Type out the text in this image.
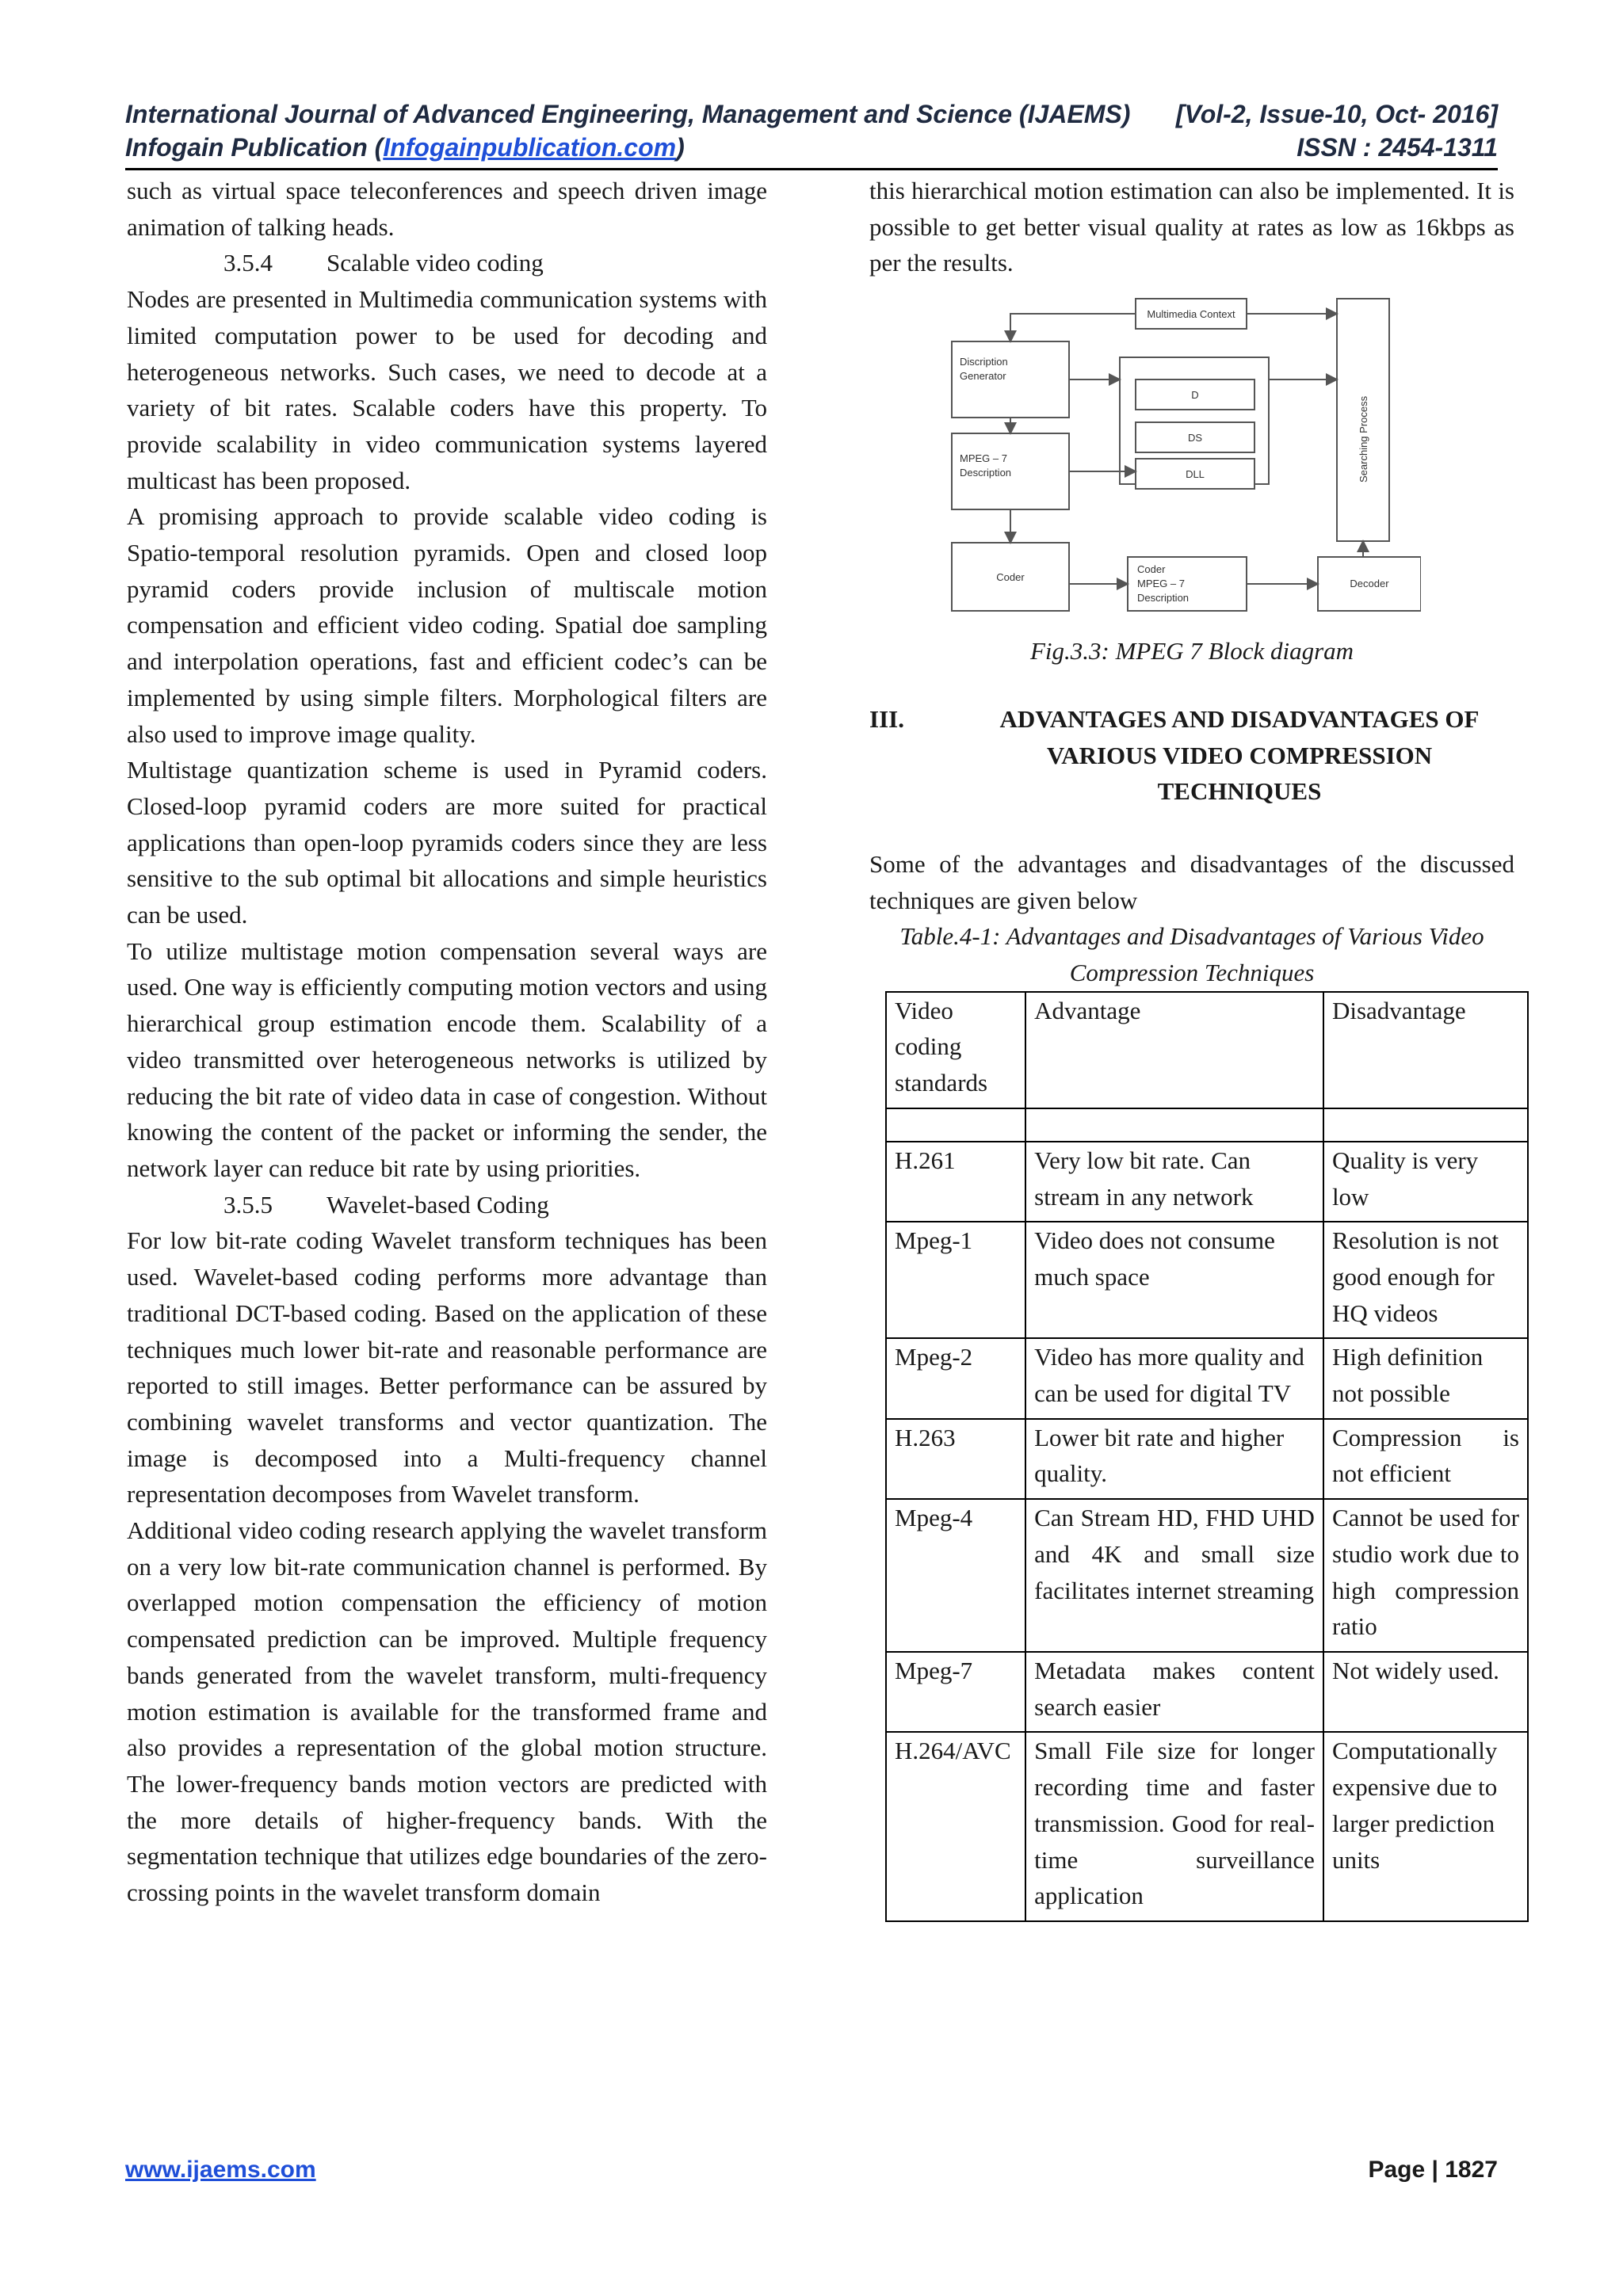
International Journal of Advanced Engineering, Management and Science (IJAEMS) [Vol-2, Issue-10, Oct- 2016]
Infogain Publication (Infogainpublication.com)	ISSN : 2454-1311

such as virtual space teleconferences and speech driven image animation of talking heads.

3.5.4 Scalable video coding

Nodes are presented in Multimedia communication systems with limited computation power to be used for decoding and heterogeneous networks. Such cases, we need to decode at a variety of bit rates. Scalable coders have this property. To provide scalability in video communication systems layered multicast has been proposed.

A promising approach to provide scalable video coding is Spatio-temporal resolution pyramids. Open and closed loop pyramid coders provide inclusion of multiscale motion compensation and efficient video coding. Spatial doe sampling and interpolation operations, fast and efficient codec’s can be implemented by using simple filters. Morphological filters are also used to improve image quality.

Multistage quantization scheme is used in Pyramid coders. Closed-loop pyramid coders are more suited for practical applications than open-loop pyramids coders since they are less sensitive to the sub optimal bit allocations and simple heuristics can be used.

To utilize multistage motion compensation several ways are used. One way is efficiently computing motion vectors and using hierarchical group estimation encode them. Scalability of a video transmitted over heterogeneous networks is utilized by reducing the bit rate of video data in case of congestion. Without knowing the content of the packet or informing the sender, the network layer can reduce bit rate by using priorities.

3.5.5 Wavelet-based Coding

For low bit-rate coding Wavelet transform techniques has been used. Wavelet-based coding performs more advantage than traditional DCT-based coding. Based on the application of these techniques much lower bit-rate and reasonable performance are reported to still images. Better performance can be assured by combining wavelet transforms and vector quantization. The image is decomposed into a Multi-frequency channel representation decomposes from Wavelet transform.

Additional video coding research applying the wavelet transform on a very low bit-rate communication channel is performed. By overlapped motion compensation the efficiency of motion compensated prediction can be improved. Multiple frequency bands generated from the wavelet transform, multi-frequency motion estimation is available for the transformed frame and also provides a representation of the global motion structure. The lower-frequency bands motion vectors are predicted with the more details of higher-frequency bands. With the segmentation technique that utilizes edge boundaries of the zero-crossing points in the wavelet transform domain

this hierarchical motion estimation can also be implemented. It is possible to get better visual quality at rates as low as 16kbps as per the results.

Multimedia Context
Discription
Generator
D
DS
DLL
MPEG – 7
Description	Searching Process
Coder
Coder
MPEG – 7
Description
Decoder

Fig.3.3: MPEG 7 Block diagram

III.	ADVANTAGES AND DISADVANTAGES OF VARIOUS VIDEO COMPRESSION TECHNIQUES

Some of the advantages and disadvantages of the discussed techniques are given below

Table.4-1: Advantages and Disadvantages of Various Video Compression Techniques

Video coding standards	Advantage	Disadvantage

H.261	Very low bit rate. Can stream in any network	Quality is very low
Mpeg-1	Video does not consume much space	Resolution is not good enough for HQ videos
Mpeg-2	Video has more quality and can be used for digital TV	High definition not possible
H.263	Lower bit rate and higher quality.	Compression is not efficient
Mpeg-4	Can Stream HD, FHD UHD and 4K and small size facilitates internet streaming	Cannot be used for studio work due to high compression ratio
Mpeg-7	Metadata makes content search easier	Not widely used.
H.264/AVC	Small File size for longer recording time and faster transmission. Good for real-time surveillance application	Computationally expensive due to larger prediction units
www.ijaems.com	Page | 1827
